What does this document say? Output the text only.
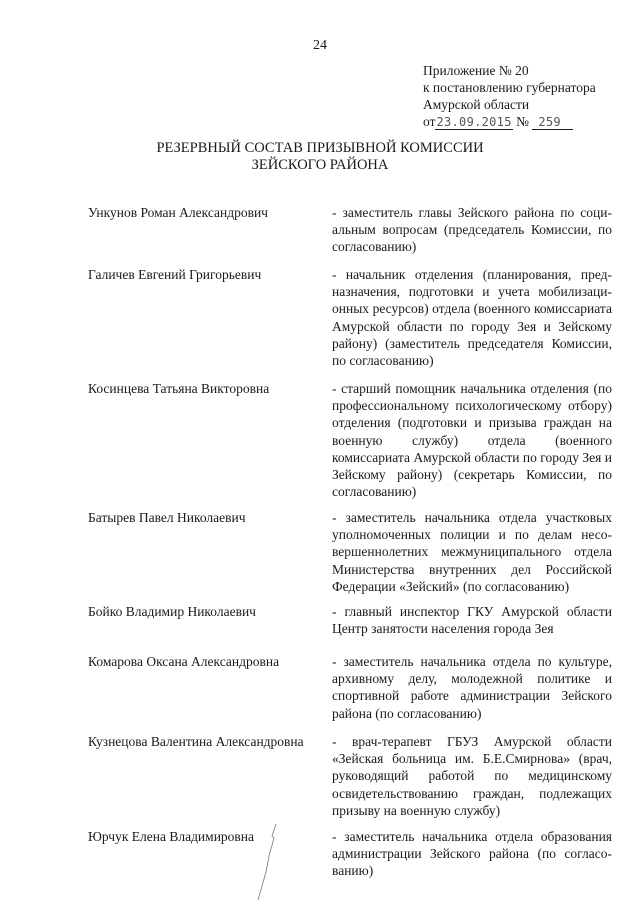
24
Приложение № 20
к постановлению губернатора
Амурской области
от23.09.2015 № 259
РЕЗЕРВНЫЙ СОСТАВ ПРИЗЫВНОЙ КОМИССИИ
ЗЕЙСКОГО РАЙОНА
Ункунов Роман Александрович	- заместитель главы Зейского района по социальным вопросам (председатель Комиссии, по согласованию)
Галичев Евгений Григорьевич	- начальник отделения (планирования, предназначения, подготовки и учета мобилизационных ресурсов) отдела (военного комиссариата Амурской области по городу Зея и Зейскому району) (заместитель председателя Комиссии, по согласованию)
Косинцева Татьяна Викторовна	- старший помощник начальника отделения (по профессиональному психологическому отбору) отделения (подготовки и призыва граждан на военную службу) отдела (военного комиссариата Амурской области по городу Зея и Зейскому району) (секретарь Комиссии, по согласованию)
Батырев Павел Николаевич	- заместитель начальника отдела участковых уполномоченных полиции и по делам несовершеннолетних межмуниципального отдела Министерства внутренних дел Российской Федерации «Зейский» (по согласованию)
Бойко Владимир Николаевич	- главный инспектор ГКУ Амурской области Центр занятости населения города Зея
Комарова Оксана Александровна	- заместитель начальника отдела по культуре, архивному делу, молодежной политике и спортивной работе администрации Зейского района (по согласованию)
Кузнецова Валентина Александровна	- врач-терапевт ГБУЗ Амурской области «Зейская больница им. Б.Е.Смирнова» (врач, руководящий работой по медицинскому освидетельствованию граждан, подлежащих призыву на военную службу)
Юрчук Елена Владимировна	- заместитель начальника отдела образования администрации Зейского района (по согласованию)
